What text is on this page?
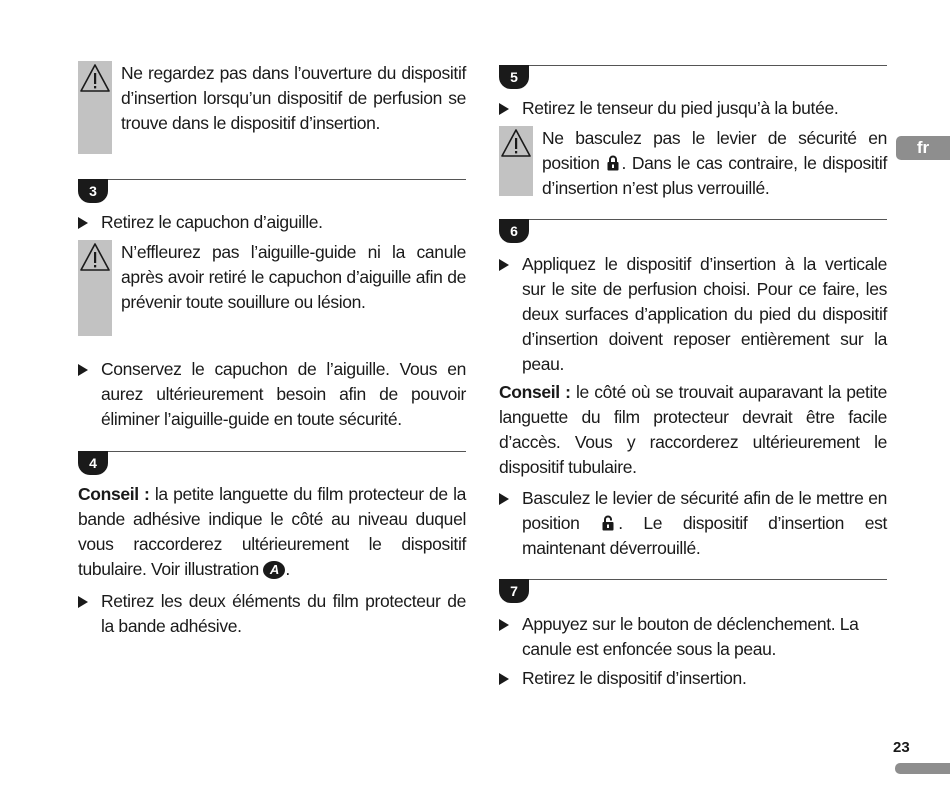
Ne regardez pas dans l’ouverture du dispositif d’insertion lorsqu’un dispositif de perfusion se trouve dans le dispositif d’insertion.

3

Retirez le capuchon d’aiguille.

N’effleurez pas l’aiguille-guide ni la canule après avoir retiré le capuchon d’aiguille afin de prévenir toute souillure ou lésion.

Conservez le capuchon de l’aiguille. Vous en aurez ultérieurement besoin afin de pouvoir éliminer l’aiguille-guide en toute sécurité.

4

Conseil : la petite languette du film protecteur de la bande adhésive indique le côté au niveau duquel vous raccorderez ultérieurement le dispositif tubulaire. Voir illustration A .

Retirez les deux éléments du film protecteur de la bande adhésive.

5

Retirez le tenseur du pied jusqu’à la butée.

Ne basculez pas le levier de sécurité en position . Dans le cas contraire, le dispositif d’insertion n’est plus verrouillé.

6

Appliquez le dispositif d’insertion à la verticale sur le site de perfusion choisi. Pour ce faire, les deux surfaces d’application du pied du dispositif d’insertion doivent reposer entièrement sur la peau.

Conseil : le côté où se trouvait auparavant la petite languette du film protecteur devrait être facile d’accès. Vous y raccorderez ultérieurement le dispositif tubulaire.

Basculez le levier de sécurité afin de le mettre en position . Le dispositif d’insertion est maintenant déverrouillé.

7

Appuyez sur le bouton de déclenchement. La canule est enfoncée sous la peau.

Retirez le dispositif d’insertion.

fr
23
